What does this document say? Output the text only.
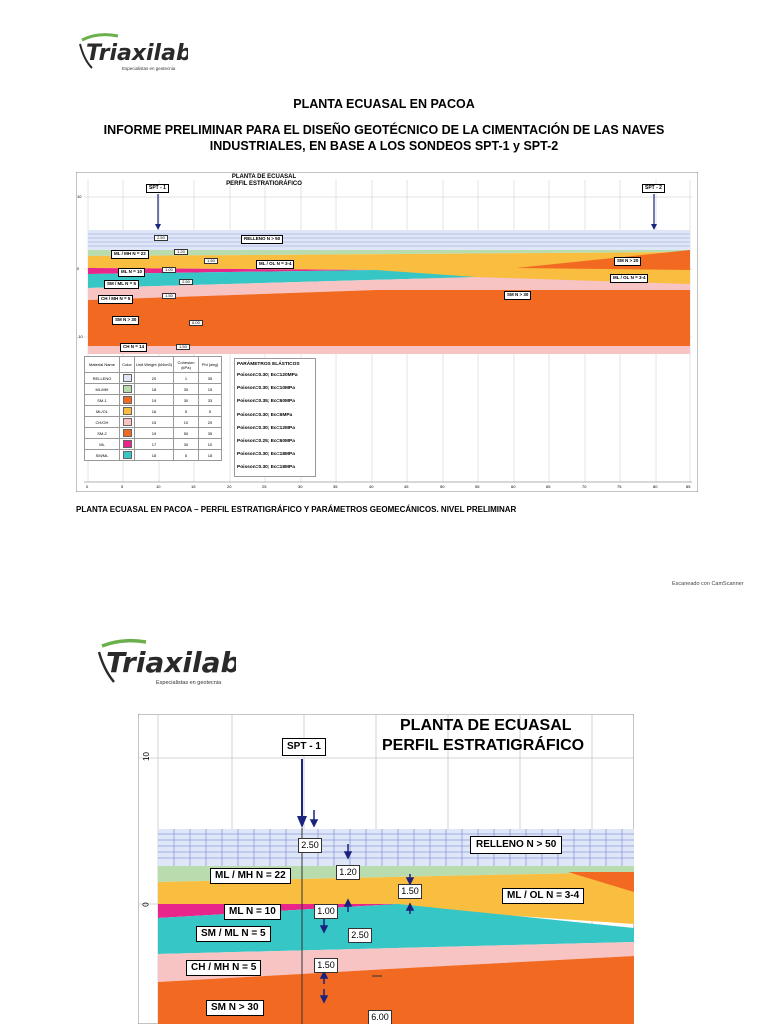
Triaxilab
Especialistas en geotecnia
PLANTA ECUASAL EN PACOA
INFORME PRELIMINAR PARA EL DISEÑO GEOTÉCNICO DE LA CIMENTACIÓN DE LAS NAVES INDUSTRIALES, EN BASE A LOS SONDEOS SPT-1 y SPT-2
10
0
-10
0	5	10	15	20	25	30	35	40	45	50	55	60	65	70	75	80	85
PLANTA DE ECUASAL
PERFIL ESTRATIGRÁFICO
SPT - 1	SPT - 2
RELLENO N > 50
ML / MH N = 22
ML / OL N = 3-4
ML N = 10
SM / ML N = 5
CH / MH N = 5
SM N > 30
CH N = 14
SM N > 20
ML / OL N = 3-4
SM N > 30
2.50
1.20
1.50
1.00
2.50
1.50
6.00
1.50
Material Name	Color	Unit Weight (kN/m3)	Cohesion (kPa)	Phi (deg)
RELLENO		20	1	35
ML/MH		18	30	15
SM-1		19	30	33
ML/OL		16	5	5
CH/OH		15	10	20
SM-2		19	50	35
ML		17	30	10
SM/ML		18	5	18
PARÁMETROS ELÁSTICOS
Poisson=0.30; Eo=120MPa
Poisson=0.30; Eo=10MPa
Poisson=0.35; Eo=60MPa
Poisson=0.30; Eo=6MPa
Poisson=0.30; Eo=12MPa
Poisson=0.25; Eo=60MPa
Poisson=0.30; Eo=18MPa
Poisson=0.30; Eo=18MPa
PLANTA ECUASAL EN PACOA – PERFIL ESTRATIGRÁFICO Y PARÁMETROS GEOMECÁNICOS. NIVEL PRELIMINAR
Escaneado con CamScanner
Triaxilab
Especialistas en geotecnia
10
0
PLANTA DE ECUASAL
PERFIL ESTRATIGRÁFICO
SPT - 1
RELLENO N > 50
ML / MH N = 22
ML / OL N = 3-4
ML N = 10
SM / ML N = 5
CH / MH N = 5
SM N > 30
2.50
1.20
1.50
1.00
2.50
1.50
6.00
